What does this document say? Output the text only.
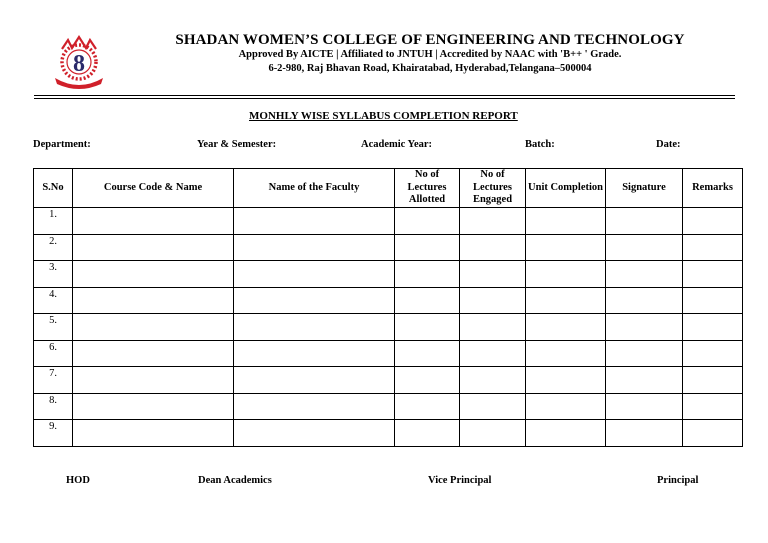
8
SHADAN WOMEN’S COLLEGE OF ENGINEERING AND TECHNOLOGY
Approved By AICTE | Affiliated to JNTUH | Accredited by NAAC with 'B++ ' Grade.
6-2-980, Raj Bhavan Road, Khairatabad, Hyderabad,Telangana–500004
MONHLY WISE SYLLABUS COMPLETION REPORT
Department:	Year & Semester:	Academic Year:	Batch:	Date:
S.No	Course Code & Name	Name of the Faculty	No of Lectures Allotted	No of Lectures Engaged	Unit Completion	Signature	Remarks
1.							
2.							
3.							
4.							
5.							
6.							
7.							
8.							
9.							
HOD	Dean Academics	Vice Principal	Principal
